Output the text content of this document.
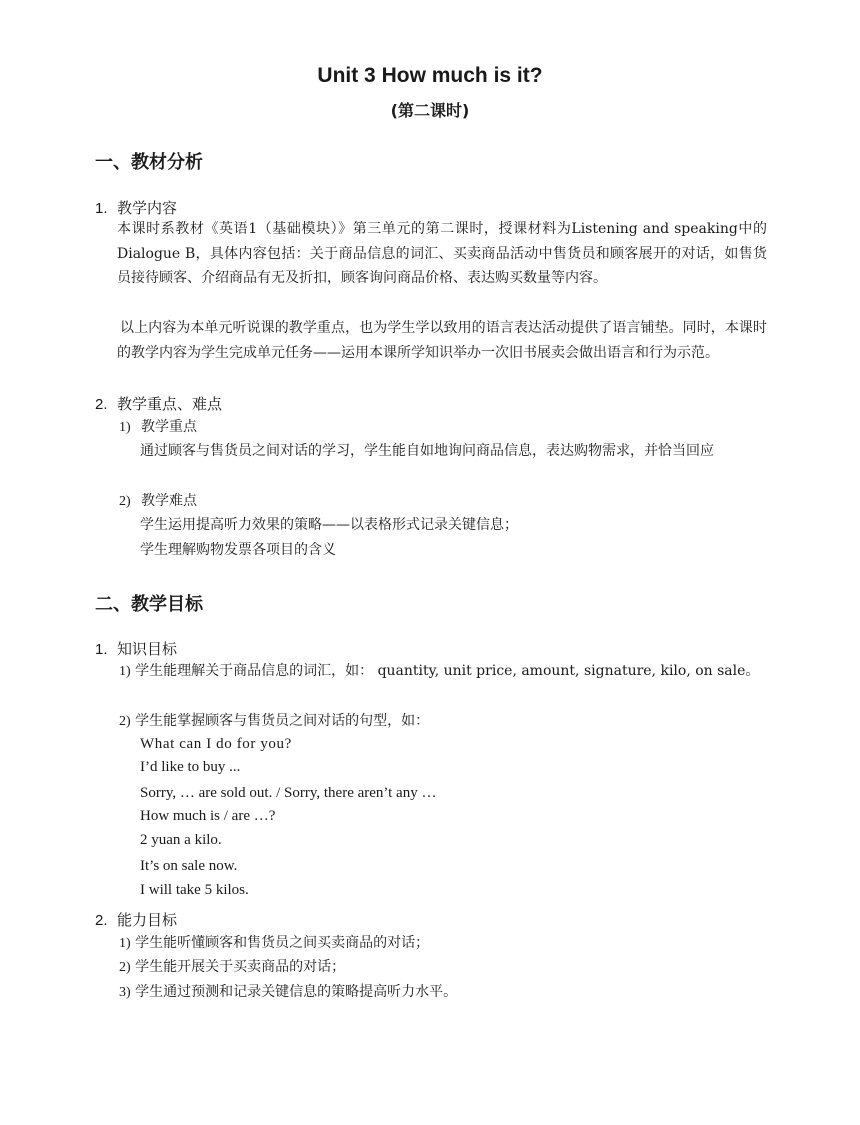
Unit 3 How much is it?
(第二课时)
一、教材分析
1. 教学内容
本课时系教材《英语1（基础模块）》第三单元的第二课时，授课材料为Listening and speaking中的Dialogue B，具体内容包括：关于商品信息的词汇、买卖商品活动中售货员和顾客展开的对话，如售货员接待顾客、介绍商品有无及折扣，顾客询问商品价格、表达购买数量等内容。
以上内容为本单元听说课的教学重点，也为学生学以致用的语言表达活动提供了语言铺垫。同时，本课时的教学内容为学生完成单元任务——运用本课所学知识举办一次旧书展卖会做出语言和行为示范。
2. 教学重点、难点
1) 教学重点
通过顾客与售货员之间对话的学习，学生能自如地询问商品信息，表达购物需求，并恰当回应
2) 教学难点
学生运用提高听力效果的策略——以表格形式记录关键信息；
学生理解购物发票各项目的含义
二、教学目标
1. 知识目标
1) 学生能理解关于商品信息的词汇，如： quantity, unit price, amount, signature, kilo, on sale。
2) 学生能掌握顾客与售货员之间对话的句型，如：
What can I do for you?
I’d like to buy ...
Sorry, … are sold out. / Sorry, there aren’t any …
How much is / are …?
2 yuan a kilo.
It’s on sale now.
I will take 5 kilos.
2. 能力目标
1) 学生能听懂顾客和售货员之间买卖商品的对话；
2) 学生能开展关于买卖商品的对话；
3) 学生通过预测和记录关键信息的策略提高听力水平。
